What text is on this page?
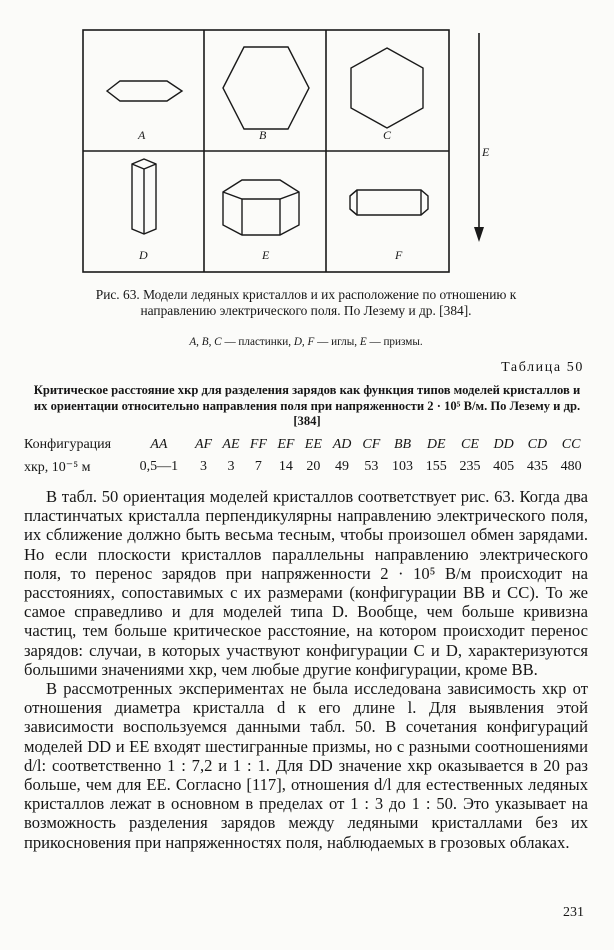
A	B	C
D	E	F
E
Рис. 63. Модели ледяных кристаллов и их расположение по отношению к направлению электрического поля. По Лезему и др. [384].
A, B, C — пластинки, D, F — иглы, E — призмы.
Таблица 50
Критическое расстояние xкр для разделения зарядов как функция типов моделей кристаллов и их ориентации относительно направления поля при напряженности 2 · 10⁵ В/м. По Лезему и др. [384]
Конфигурация	AA	AF	AE	FF	EF	EE	AD	CF	BB	DE	CE	DD	CD	CC
xкр, 10⁻⁵ м	0,5—1	3	3	7	14	20	49	53	103	155	235	405	435	480

В табл. 50 ориентация моделей кристаллов соответствует рис. 63. Когда два пластинчатых кристалла перпендикулярны направлению электрического поля, их сближение должно быть весьма тесным, чтобы произошел обмен зарядами. Но если плоскости кристаллов параллельны направлению электрического поля, то перенос зарядов при напряженности 2 · 10⁵ В/м происходит на расстояниях, сопоставимых с их размерами (конфигурации BB и CC). То же самое справедливо и для моделей типа D. Вообще, чем больше кривизна частиц, тем больше критическое расстояние, на котором происходит перенос зарядов: случаи, в которых участвуют конфигурации C и D, характеризуются большими значениями xкр, чем любые другие конфигурации, кроме BB.

В рассмотренных экспериментах не была исследована зависимость xкр от отношения диаметра кристалла d к его длине l. Для выявления этой зависимости воспользуемся данными табл. 50. В сочетания конфигураций моделей DD и EE входят шестигранные призмы, но с разными соотношениями d/l: соответственно 1 : 7,2 и 1 : 1. Для DD значение xкр оказывается в 20 раз больше, чем для EE. Согласно [117], отношения d/l для естественных ледяных кристаллов лежат в основном в пределах от 1 : 3 до 1 : 50. Это указывает на возможность разделения зарядов между ледяными кристаллами без их прикосновения при напряженностях поля, наблюдаемых в грозовых облаках.

231
